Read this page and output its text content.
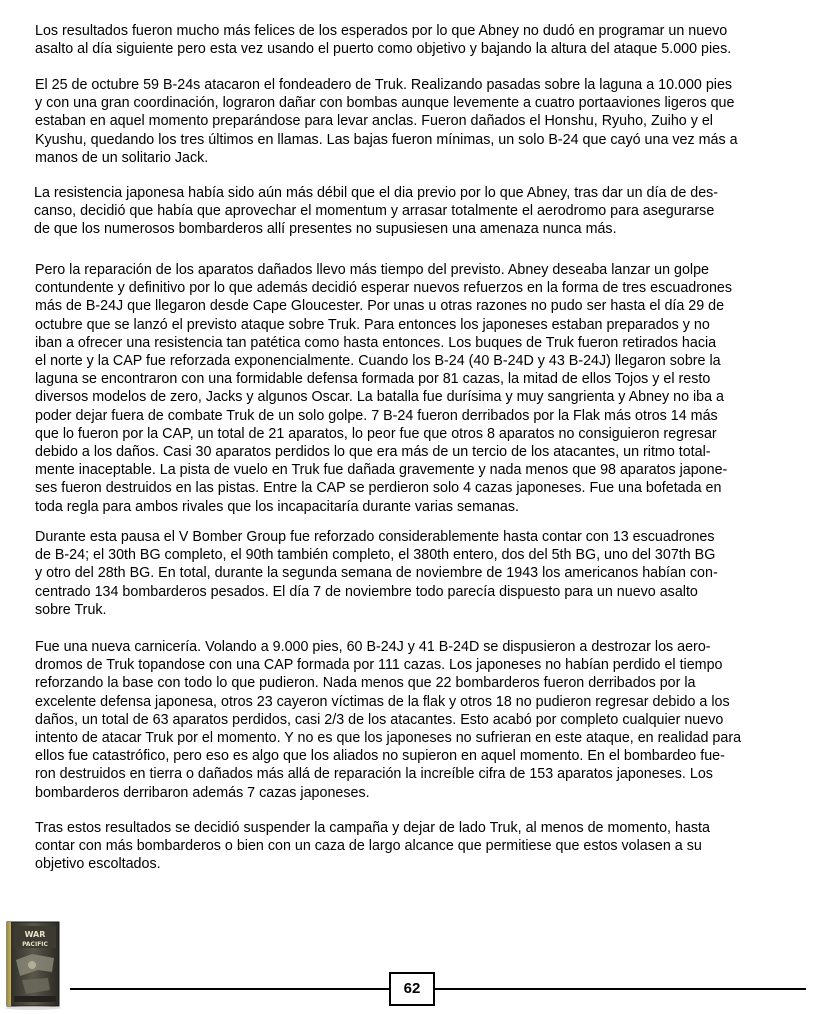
Los resultados fueron mucho más felices de los esperados por lo que Abney no dudó en programar un nuevo
asalto al día siguiente pero esta vez usando el puerto como objetivo y bajando la altura del ataque 5.000 pies.

El 25 de octubre 59 B-24s atacaron el fondeadero de Truk. Realizando pasadas sobre la laguna a 10.000 pies
y con una gran coordinación, lograron dañar con bombas aunque levemente a cuatro portaaviones ligeros que
estaban en aquel momento preparándose para levar anclas. Fueron dañados el Honshu, Ryuho, Zuiho y el
Kyushu, quedando los tres últimos en llamas. Las bajas fueron mínimas, un solo B-24 que cayó una vez más a
manos de un solitario Jack.

La resistencia japonesa había sido aún más débil que el dia previo por lo que Abney, tras dar un día de des-
canso, decidió que había que aprovechar el momentum y arrasar totalmente el aerodromo para asegurarse
de que los numerosos bombarderos allí presentes no supusiesen una amenaza nunca más.

Pero la reparación de los aparatos dañados llevo más tiempo del previsto. Abney deseaba lanzar un golpe
contundente y definitivo por lo que además decidió esperar nuevos refuerzos en la forma de tres escuadrones
más de B-24J que llegaron desde Cape Gloucester. Por unas u otras razones no pudo ser hasta el día 29 de
octubre que se lanzó el previsto ataque sobre Truk. Para entonces los japoneses estaban preparados y no
iban a ofrecer una resistencia tan patética como hasta entonces. Los buques de Truk fueron retirados hacia
el norte y la CAP fue reforzada exponencialmente. Cuando los B-24 (40 B-24D y 43 B-24J) llegaron sobre la
laguna se encontraron con una formidable defensa formada por 81 cazas, la mitad de ellos Tojos y el resto
diversos modelos de zero, Jacks y algunos Oscar. La batalla fue durísima y muy sangrienta y Abney no iba a
poder dejar fuera de combate Truk de un solo golpe. 7 B-24 fueron derribados por la Flak más otros 14 más
que lo fueron por la CAP, un total de 21 aparatos, lo peor fue que otros 8 aparatos no consiguieron regresar
debido a los daños. Casi 30 aparatos perdidos lo que era más de un tercio de los atacantes, un ritmo total-
mente inaceptable. La pista de vuelo en Truk fue dañada gravemente y nada menos que 98 aparatos japone-
ses fueron destruidos en las pistas. Entre la CAP se perdieron solo 4 cazas japoneses. Fue una bofetada en
toda regla para ambos rivales que los incapacitaría durante varias semanas.

Durante esta pausa el V Bomber Group fue reforzado considerablemente hasta contar con 13 escuadrones
de B-24; el 30th BG completo, el 90th también completo, el 380th entero, dos del 5th BG, uno del 307th BG
y otro del 28th BG. En total, durante la segunda semana de noviembre de 1943 los americanos habían con-
centrado 134 bombarderos pesados. El día 7 de noviembre todo parecía dispuesto para un nuevo asalto
sobre Truk.

Fue una nueva carnicería. Volando a 9.000 pies, 60 B-24J y 41 B-24D se dispusieron a destrozar los aero-
dromos de Truk topandose con una CAP formada por 111 cazas. Los japoneses no habían perdido el tiempo
reforzando la base con todo lo que pudieron. Nada menos que 22 bombarderos fueron derribados por la
excelente defensa japonesa, otros 23 cayeron víctimas de la flak y otros 18 no pudieron regresar debido a los
daños, un total de 63 aparatos perdidos, casi 2/3 de los atacantes. Esto acabó por completo cualquier nuevo
intento de atacar Truk por el momento. Y no es que los japoneses no sufrieran en este ataque, en realidad para
ellos fue catastrófico, pero eso es algo que los aliados no supieron en aquel momento. En el bombardeo fue-
ron destruidos en tierra o dañados más allá de reparación la increíble cifra de 153 aparatos japoneses. Los
bombarderos derribaron además 7 cazas japoneses.

Tras estos resultados se decidió suspender la campaña y dejar de lado Truk, al menos de momento, hasta
contar con más bombarderos o bien con un caza de largo alcance que permitiese que estos volasen a su
objetivo escoltados.

WAR
PACIFIC
62
